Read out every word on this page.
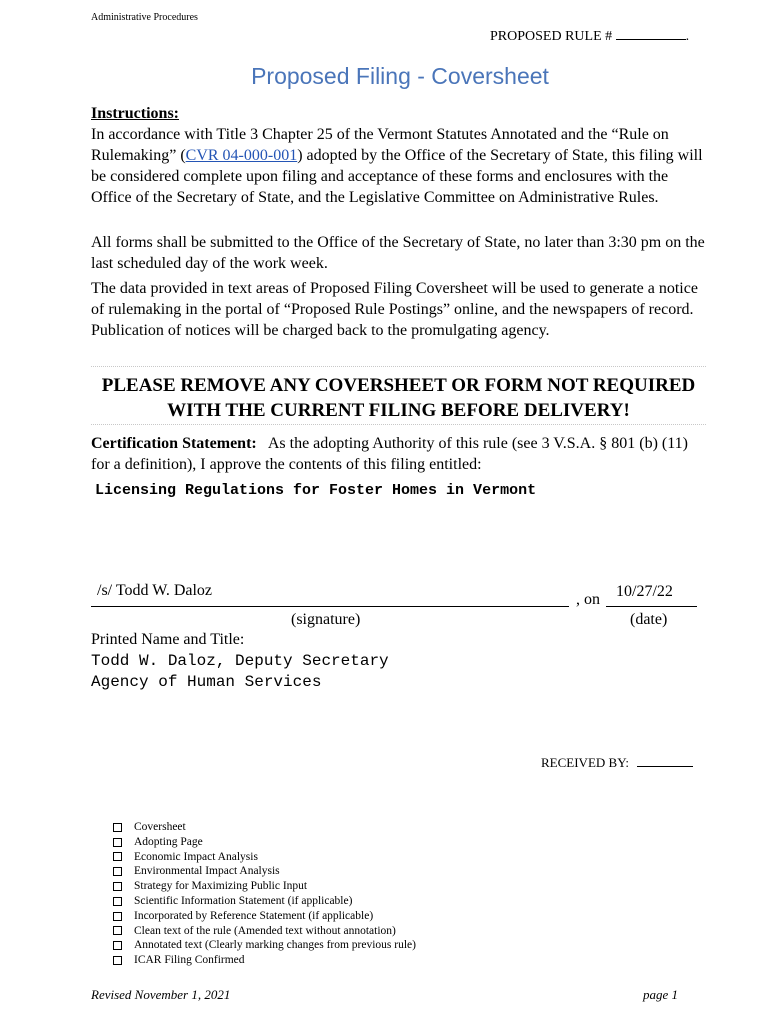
Administrative Procedures
PROPOSED RULE #	.
Proposed Filing - Coversheet
Instructions:
In accordance with Title 3 Chapter 25 of the Vermont Statutes Annotated and the “Rule on Rulemaking” (CVR 04-000-001) adopted by the Office of the Secretary of State, this filing will be considered complete upon filing and acceptance of these forms and enclosures with the Office of the Secretary of State, and the Legislative Committee on Administrative Rules.
All forms shall be submitted to the Office of the Secretary of State, no later than 3:30 pm on the last scheduled day of the work week.
The data provided in text areas of Proposed Filing Coversheet will be used to generate a notice of rulemaking in the portal of “Proposed Rule Postings” online, and the newspapers of record. Publication of notices will be charged back to the promulgating agency.
PLEASE REMOVE ANY COVERSHEET OR FORM NOT REQUIRED WITH THE CURRENT FILING BEFORE DELIVERY!
Certification Statement: As the adopting Authority of this rule (see 3 V.S.A. § 801 (b) (11) for a definition), I approve the contents of this filing entitled:
Licensing Regulations for Foster Homes in Vermont
/s/ Todd W. Daloz
, on 10/27/22
(signature)	(date)
Printed Name and Title:
Todd W. Daloz, Deputy Secretary
Agency of Human Services
RECEIVED BY:
Coversheet
Adopting Page
Economic Impact Analysis
Environmental Impact Analysis
Strategy for Maximizing Public Input
Scientific Information Statement (if applicable)
Incorporated by Reference Statement (if applicable)
Clean text of the rule (Amended text without annotation)
Annotated text (Clearly marking changes from previous rule)
ICAR Filing Confirmed
Revised November 1, 2021	page 1
